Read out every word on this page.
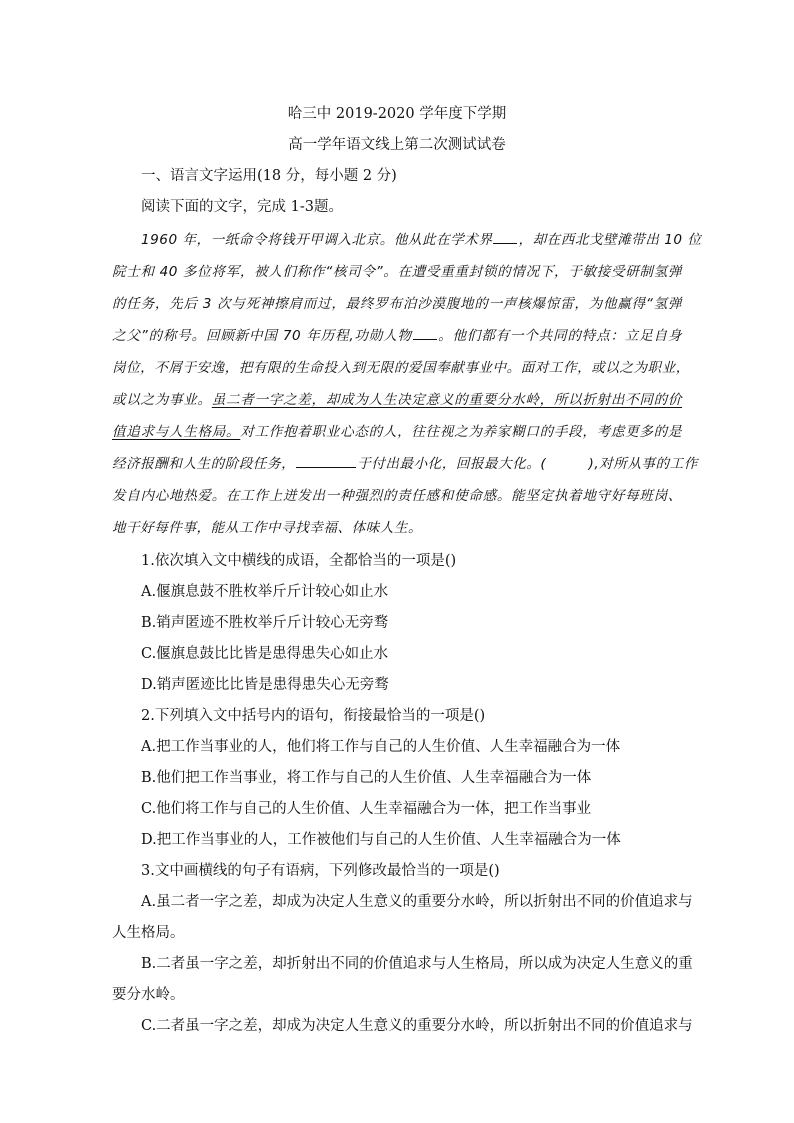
哈三中 2019-2020 学年度下学期
高一学年语文线上第二次测试试卷
一、语言文字运用(18 分，每小题 2 分)
阅读下面的文字，完成 1-3题。
1960 年，一纸命令将钱开甲调入北京。他从此在学术界 ，却在西北戈壁滩带出 10 位
院士和 40 多位将军，被人们称作“核司令”。在遭受重重封锁的情况下，于敏接受研制氢弹
的任务，先后 3 次与死神擦肩而过，最终罗布泊沙漠腹地的一声核爆惊雷，为他赢得“氢弹
之父”的称号。回顾新中国 70 年历程,功勋人物 。他们都有一个共同的特点：立足自身
岗位，不屑于安逸，把有限的生命投入到无限的爱国奉献事业中。面对工作，或以之为职业，
或以之为事业。虽二者一字之差，却成为人生决定意义的重要分水岭，所以折射出不同的价
值追求与人生格局。对工作抱着职业心态的人，往往视之为养家糊口的手段，考虑更多的是
经济报酬和人生的阶段任务，	于付出最小化，回报最大化。(　　　),对所从事的工作
发自内心地热爱。在工作上迸发出一种强烈的责任感和使命感。能坚定执着地守好每班岗、
地干好每件事，能从工作中寻找幸福、体味人生。
1.依次填入文中横线的成语，全都恰当的一项是()
A.偃旗息鼓不胜枚举斤斤计较心如止水
B.销声匿迹不胜枚举斤斤计较心无旁骛
C.偃旗息鼓比比皆是患得患失心如止水
D.销声匿迹比比皆是患得患失心无旁骛
2.下列填入文中括号内的语句，衔接最恰当的一项是()
A.把工作当事业的人，他们将工作与自己的人生价值、人生幸福融合为一体
B.他们把工作当事业，将工作与自己的人生价值、人生幸福融合为一体
C.他们将工作与自己的人生价值、人生幸福融合为一体，把工作当事业
D.把工作当事业的人，工作被他们与自己的人生价值、人生幸福融合为一体
3.文中画横线的句子有语病，下列修改最恰当的一项是()
A.虽二者一字之差，却成为决定人生意义的重要分水岭，所以折射出不同的价值追求与
人生格局。
B.二者虽一字之差，却折射出不同的价值追求与人生格局，所以成为决定人生意义的重
要分水岭。
C.二者虽一字之差，却成为决定人生意义的重要分水岭，所以折射出不同的价值追求与
